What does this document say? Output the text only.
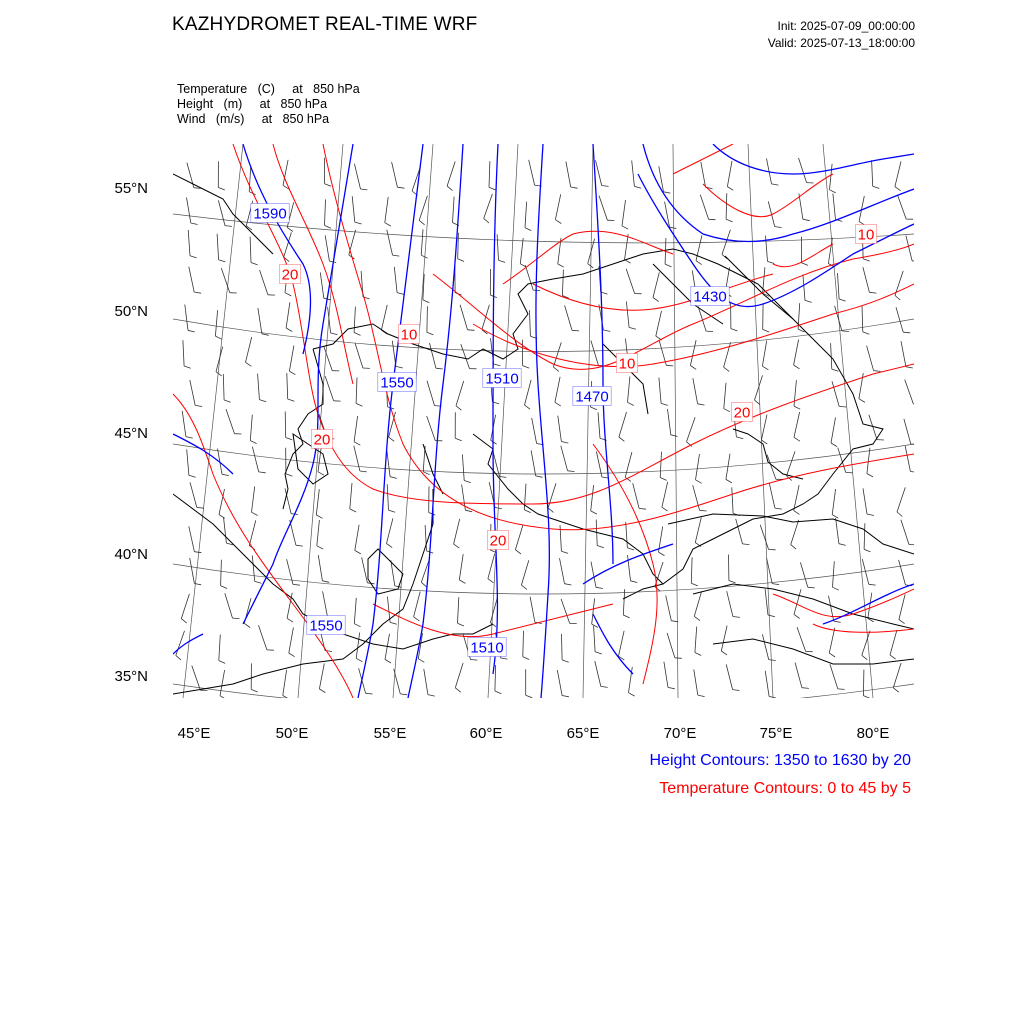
KAZHYDROMET REAL-TIME WRF	Init: 2025-07-09_00:00:00
Valid: 2025-07-13_18:00:00
Temperature   (C)     at   850 hPa
Height   (m)     at   850 hPa
Wind   (m/s)     at   850 hPa
1590
1550	1510
1470
1430
1550
1510
20
10
10
20
10
20
20
55°N
50°N
45°N
40°N
35°N
45°E	50°E	55°E	60°E	65°E	70°E	75°E	80°E
Height Contours: 1350 to 1630 by 20
Temperature Contours: 0 to 45 by 5
